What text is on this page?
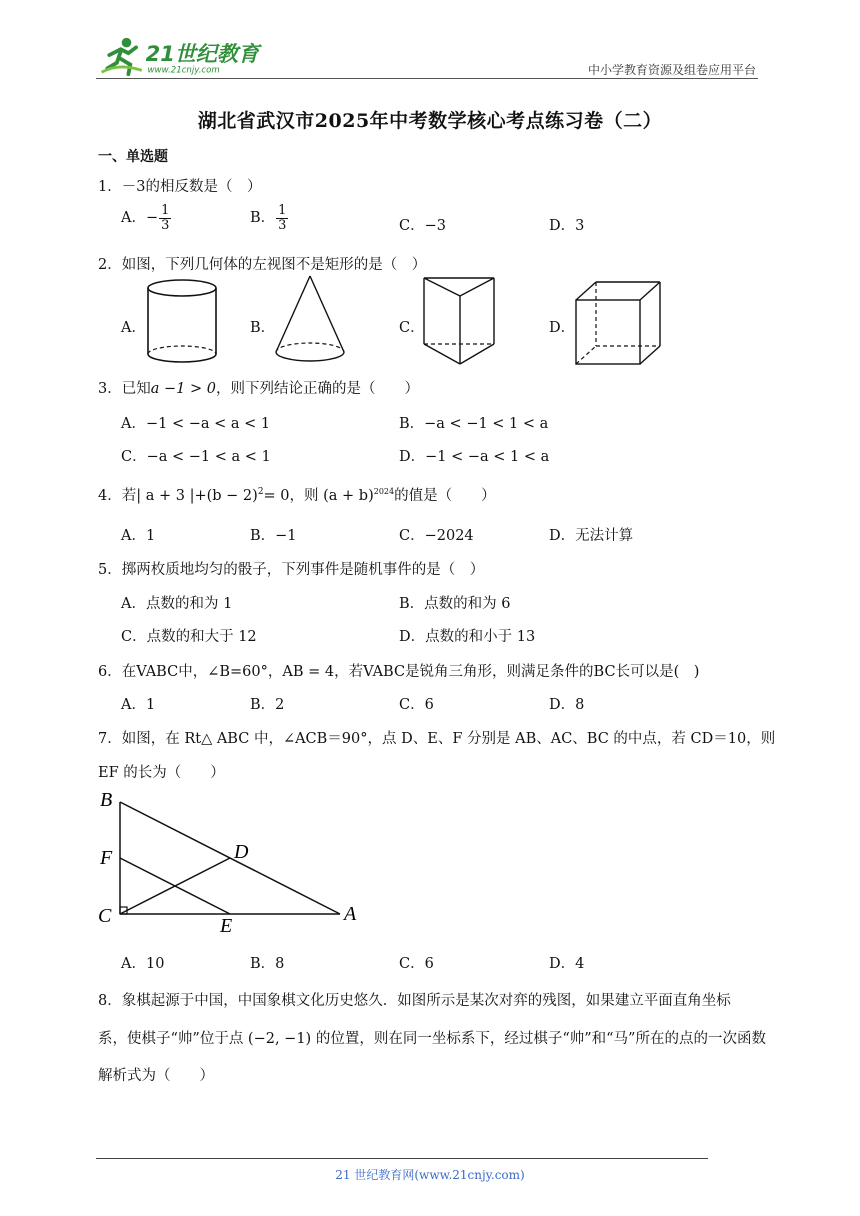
21世纪教育
www.21cnjy.com	中小学教育资源及组卷应用平台
湖北省武汉市2025年中考数学核心考点练习卷（二）
一、单选题
1．－3的相反数是（　）
A．− $\frac{1}{3}$	B． $\frac{1}{3}$	C．−3	D．3
2．如图，下列几何体的左视图不是矩形的是（　）
A．	B．	C．	D．
3．已知a −1 > 0，则下列结论正确的是（　　）
A．−1 < −a < a < 1	B．−a < −1 < 1 < a
C．−a < −1 < a < 1	D．−1 < −a < 1 < a
4．若| a + 3 $|+(b - 2)^2= 0$，则 $(a + b)^{2024}$的值是（　　）
A．1	B．−1	C．−2024	D．无法计算
5．掷两枚质地均匀的骰子，下列事件是随机事件的是（　）
A．点数的和为 1	B．点数的和为 6
C．点数的和大于 12	D．点数的和小于 13
6．在VABC中，∠B=60°，AB = 4，若VABC是锐角三角形，则满足条件的BC长可以是(　)
A．1	B．2	C．6	D．8
7．如图，在 Rt△ ABC 中，∠ACB＝90°，点 D、E、F 分别是 AB、AC、BC 的中点，若 CD＝10，则
EF 的长为（　　）
B
D
F
C	E
A
A．10	B．8	C．6	D．4
8．象棋起源于中国，中国象棋文化历史悠久．如图所示是某次对弈的残图，如果建立平面直角坐标
系，使棋子“帅”位于点 (−2, −1) 的位置，则在同一坐标系下，经过棋子“帅”和“马”所在的点的一次函数
解析式为（　　）
21 世纪教育网(www.21cnjy.com)
